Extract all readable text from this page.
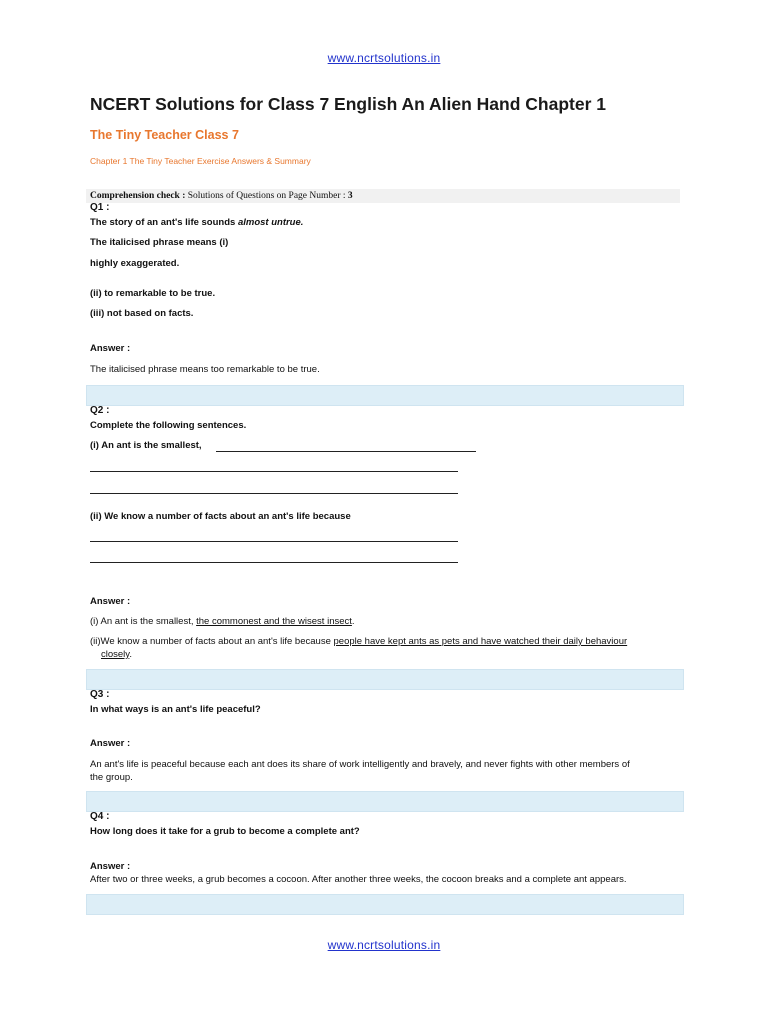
www.ncrtsolutions.in
NCERT Solutions for Class 7 English An Alien Hand Chapter 1
The Tiny Teacher Class 7
Chapter 1 The Tiny Teacher Exercise Answers & Summary
Comprehension check : Solutions of Questions on Page Number : 3
Q1 :
The story of an ant's life sounds almost untrue.
The italicised phrase means (i)
highly exaggerated.
(ii) to remarkable to be true.
(iii) not based on facts.
Answer :
The italicised phrase means too remarkable to be true.
Q2 :
Complete the following sentences.
(i) An ant is the smallest,
(ii) We know a number of facts about an ant's life because
Answer :
(i) An ant is the smallest, the commonest and the wisest insect.
(ii)We know a number of facts about an ant's life because people have kept ants as pets and have watched their daily behaviour
closely.
Q3 :
In what ways is an ant's life peaceful?
Answer :
An ant's life is peaceful because each ant does its share of work intelligently and bravely, and never fights with other members of
the group.
Q4 :
How long does it take for a grub to become a complete ant?
Answer :
After two or three weeks, a grub becomes a cocoon. After another three weeks, the cocoon breaks and a complete ant appears.
www.ncrtsolutions.in
